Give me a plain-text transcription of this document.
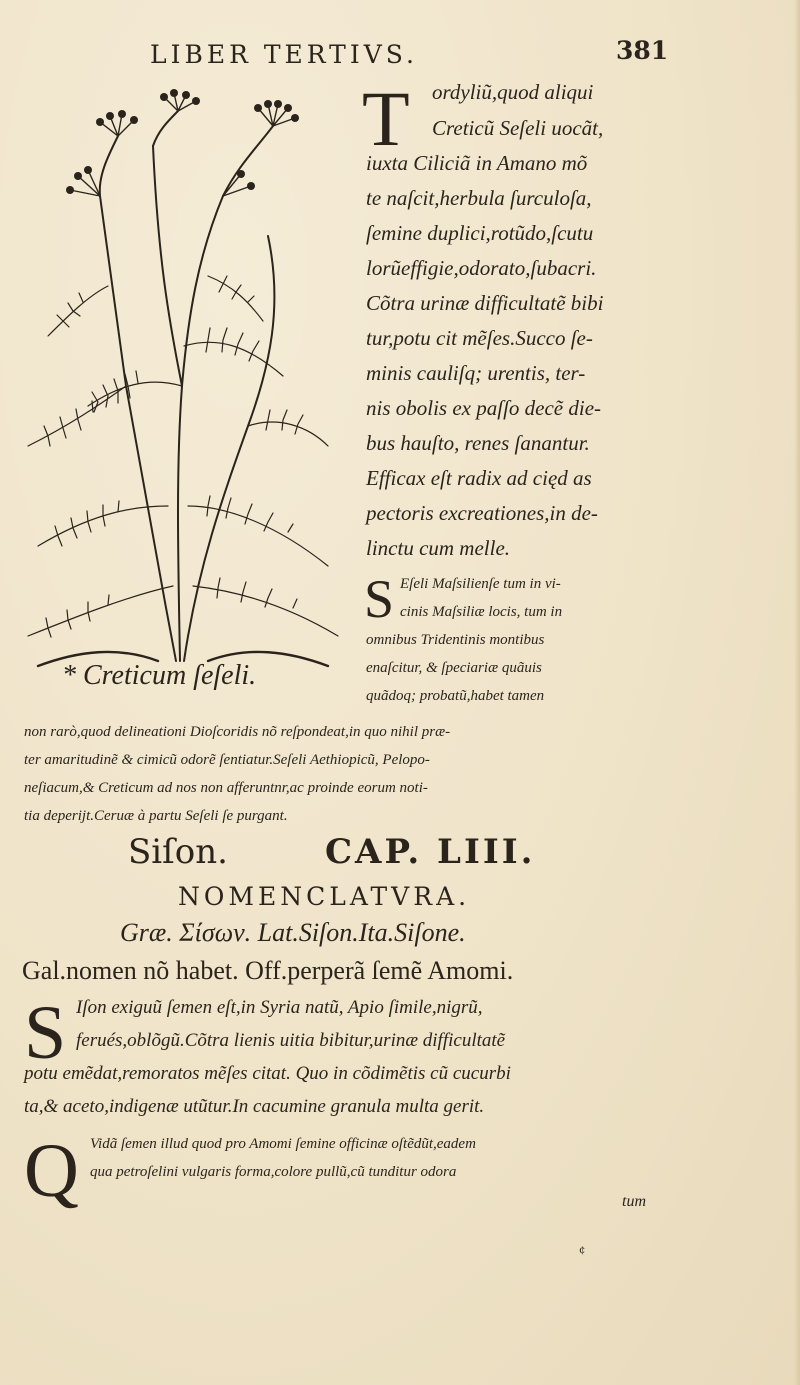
LIBER TERTIVS.	381
* Creticum ſeſeli.
T ordyliũ,quod aliqui
Creticũ Seſeli uocãt,
iuxta Ciliciã in Amano mõ
te naſcit,herbula ſurculoſa,
ſemine duplici,rotũdo,ſcutu
lorũeffigie,odorato,ſubacri.
Cõtra urinæ difficultatẽ bibi
tur,potu cit mẽſes.Succo ſe-
minis cauliſq; urentis, ter-
nis obolis ex paſſo decẽ die-
bus hauſto, renes ſanantur.
Efficax eſt radix ad cięd as
pectoris excreationes,in de-
linctu cum melle.
S Eſeli Maſsilienſe tum in vi-
cinis Maſsiliæ locis, tum in
omnibus Tridentinis montibus
enaſcitur, & ſpeciariæ quãuis
quãdoq; probatũ,habet tamen
non rarò,quod delineationi Dioſcoridis nõ reſpondeat,in quo nihil præ-
ter amaritudinẽ & cimicũ odorẽ ſentiatur.Seſeli Aethiopicũ, Pelopo-
neſiacum,& Creticum ad nos non afferuntnr,ac proinde eorum noti-
tia deperijt.Ceruæ à partu Seſeli ſe purgant.
Siſon.	CAP. LIII.
NOMENCLATVRA.
Græ. Σίσων. Lat.Siſon.Ita.Siſone.
Gal.nomen nõ habet. Off.perperã ſemẽ Amomi.
S Iſon exiguũ ſemen eſt,in Syria natũ, Apio ſimile,nigrũ,
ferués,oblõgũ.Cõtra lienis uitia bibitur,urinæ difficultatẽ
potu emẽdat,remoratos mẽſes citat. Quo in cõdimẽtis cũ cucurbi
ta,& aceto,indigenæ utũtur.In cacumine granula multa gerit.
Q Vidã ſemen illud quod pro Amomi ſemine officinæ oſtẽdũt,eadem
qua petroſelini vulgaris forma,colore pullũ,cũ tunditur odora
tum
¢
